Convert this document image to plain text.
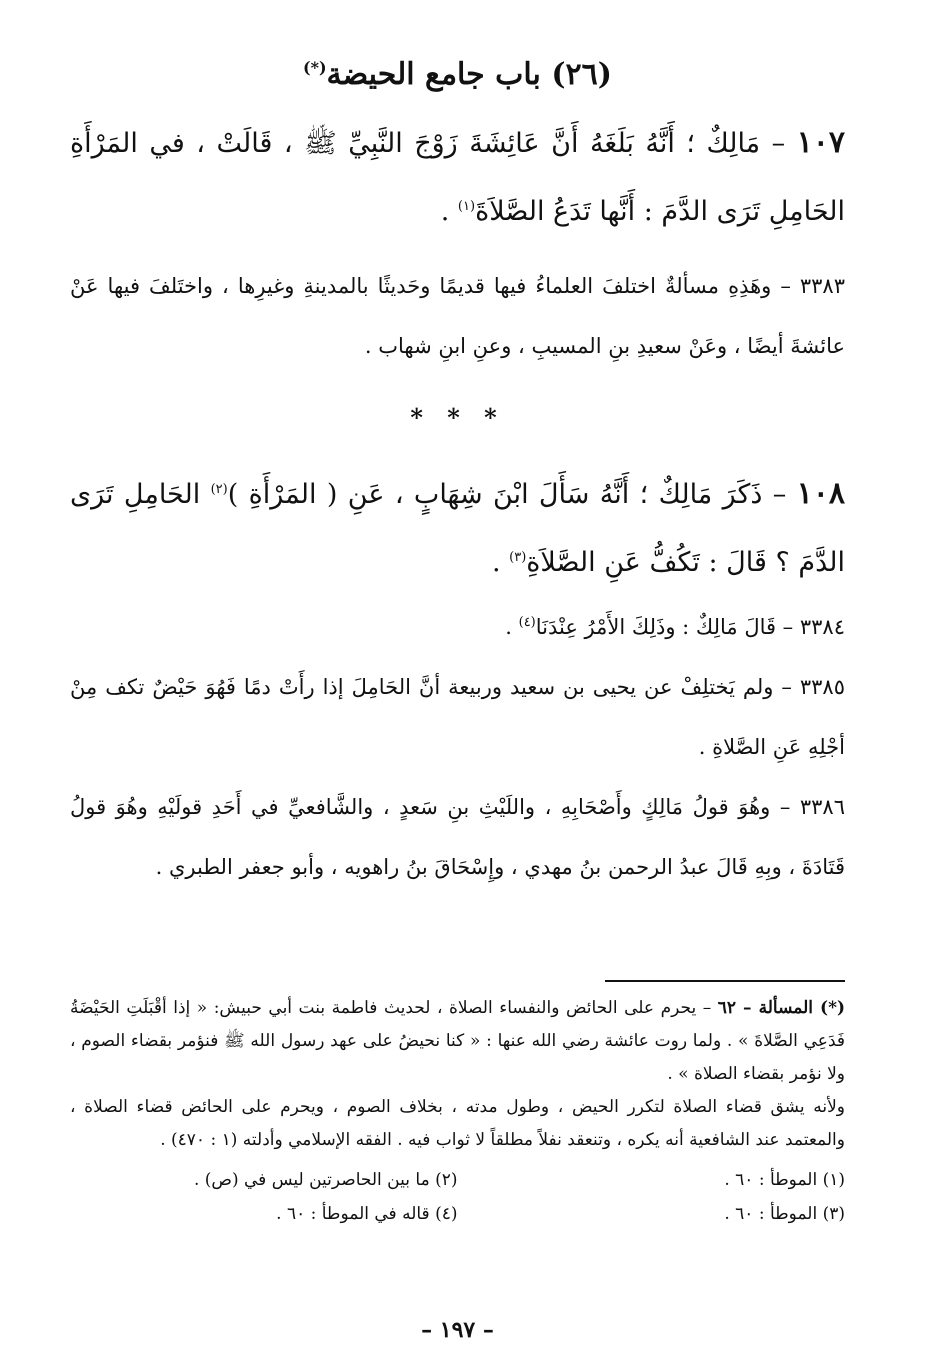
(٢٦) باب جامع الحيضة(*)

١٠٧ – مَالِكٌ ؛ أَنَّهُ بَلَغَهُ أَنَّ عَائِشَةَ زَوْجَ النَّبِيِّ ﷺ ، قَالَتْ ، في المَرْأَةِ الحَامِلِ تَرَى الدَّمَ : أَنَّها تَدَعُ الصَّلاَةَ$^{(١)}$ .

٣٣٨٣ – وهَذِهِ مسألةٌ اختلفَ العلماءُ فيها قديمًا وحَديثًا بالمدينةِ وغيرِها ، واختَلفَ فيها عَنْ عائشةَ أيضًا ، وعَنْ سعيدِ بنِ المسيبِ ، وعنِ ابنِ شهاب .

* * *

١٠٨ – ذَكَرَ مَالِكٌ ؛ أَنَّهُ سَأَلَ ابْنَ شِهَابٍ ، عَنِ ( المَرْأَةِ )$^{(٢)}$ الحَامِلِ تَرَى الدَّمَ ؟ قَالَ : تَكُفُّ عَنِ الصَّلاَةِ$^{(٣)}$ .

٣٣٨٤ – قَالَ مَالِكٌ : وذَلِكَ الأَمْرُ عِنْدَنَا$^{(٤)}$ .

٣٣٨٥ – ولم يَختلِفْ عن يحيى بن سعيد وربيعة أنَّ الحَامِلَ إذا رأَتْ دمًا فَهُوَ حَيْضٌ تكف مِنْ أجْلِهِ عَنِ الصَّلاةِ .

٣٣٨٦ – وهُوَ قولُ مَالِكٍ وأَصْحَابِهِ ، واللَيْثِ بنِ سَعدٍ ، والشَّافعيِّ في أَحَدِ قولَيْهِ وهُوَ قولُ قَتَادَةَ ، وبِهِ قَالَ عبدُ الرحمن بنُ مهدي ، وإِسْحَاقَ بنُ راهويه ، وأبو جعفر الطبري .

(*) المسألة – ٦٢ – يحرم على الحائض والنفساء الصلاة ، لحديث فاطمة بنت أبي حبيش: « إذا أقْبَلَتِ الحَيْضَةُ فَدَعِي الصَّلاةَ » . ولما روت عائشة رضي الله عنها : « كنا نحيضُ على عهد رسول الله ﷺ فنؤمر بقضاء الصوم ، ولا نؤمر بقضاء الصلاة » .

ولأنه يشق قضاء الصلاة لتكرر الحيض ، وطول مدته ، بخلاف الصوم ، ويحرم على الحائض قضاء الصلاة ، والمعتمد عند الشافعية أنه يكره ، وتنعقد نفلاً مطلقاً لا ثواب فيه . الفقه الإسلامي وأدلته (١ : ٤٧٠) .

(١) الموطأ : ٦٠ .
(٢) ما بين الحاصرتين ليس في (ص) .
(٣) الموطأ : ٦٠ .
(٤) قاله في الموطأ : ٦٠ .
– ١٩٧ –
